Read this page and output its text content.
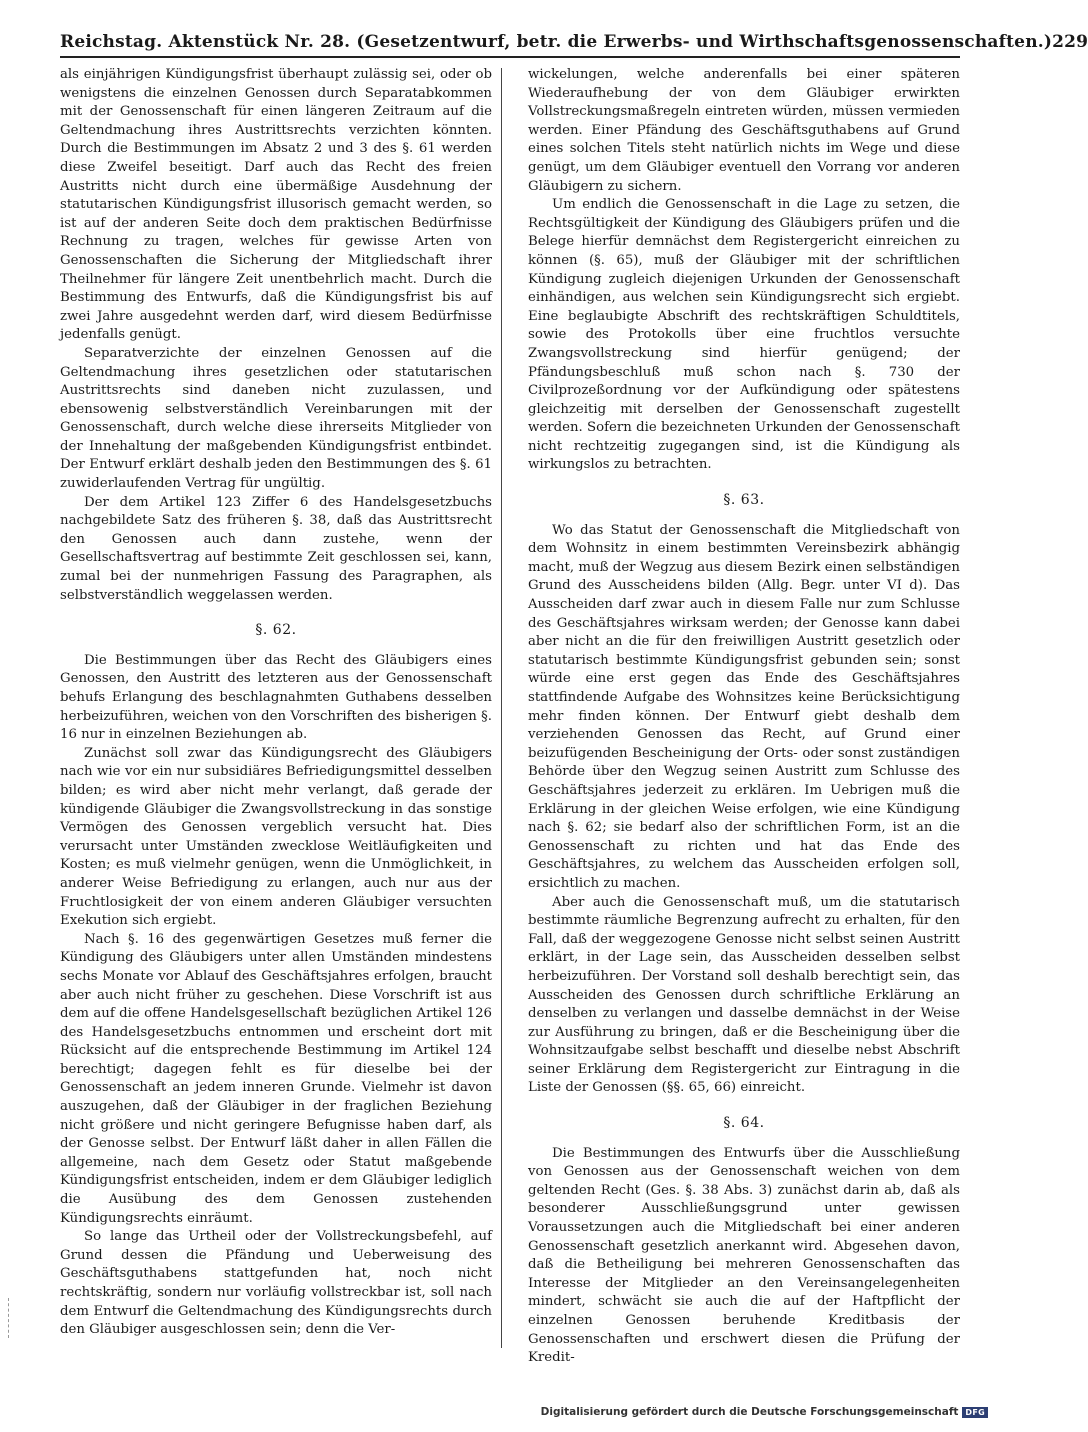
Reichstag. Aktenstück Nr. 28. (Gesetzentwurf, betr. die Erwerbs- und Wirthschaftsgenossenschaften.) 229

als einjährigen Kündigungsfrist überhaupt zulässig sei, oder ob wenigstens die einzelnen Genossen durch Separatabkommen mit der Genossenschaft für einen längeren Zeitraum auf die Geltendmachung ihres Austrittsrechts verzichten könnten. Durch die Bestimmungen im Absatz 2 und 3 des §. 61 werden diese Zweifel beseitigt. Darf auch das Recht des freien Austritts nicht durch eine übermäßige Ausdehnung der statutarischen Kündigungsfrist illusorisch gemacht werden, so ist auf der anderen Seite doch dem praktischen Bedürfnisse Rechnung zu tragen, welches für gewisse Arten von Genossenschaften die Sicherung der Mitgliedschaft ihrer Theilnehmer für längere Zeit unentbehrlich macht. Durch die Bestimmung des Entwurfs, daß die Kündigungsfrist bis auf zwei Jahre ausgedehnt werden darf, wird diesem Bedürfnisse jedenfalls genügt.

Separatverzichte der einzelnen Genossen auf die Geltendmachung ihres gesetzlichen oder statutarischen Austrittsrechts sind daneben nicht zuzulassen, und ebensowenig selbstverständlich Vereinbarungen mit der Genossenschaft, durch welche diese ihrerseits Mitglieder von der Innehaltung der maßgebenden Kündigungsfrist entbindet. Der Entwurf erklärt deshalb jeden den Bestimmungen des §. 61 zuwiderlaufenden Vertrag für ungültig.

Der dem Artikel 123 Ziffer 6 des Handelsgesetzbuchs nachgebildete Satz des früheren §. 38, daß das Austrittsrecht den Genossen auch dann zustehe, wenn der Gesellschaftsvertrag auf bestimmte Zeit geschlossen sei, kann, zumal bei der nunmehrigen Fassung des Paragraphen, als selbstverständlich weggelassen werden.

§. 62.

Die Bestimmungen über das Recht des Gläubigers eines Genossen, den Austritt des letzteren aus der Genossenschaft behufs Erlangung des beschlagnahmten Guthabens desselben herbeizuführen, weichen von den Vorschriften des bisherigen §. 16 nur in einzelnen Beziehungen ab.

Zunächst soll zwar das Kündigungsrecht des Gläubigers nach wie vor ein nur subsidiäres Befriedigungsmittel desselben bilden; es wird aber nicht mehr verlangt, daß gerade der kündigende Gläubiger die Zwangsvollstreckung in das sonstige Vermögen des Genossen vergeblich versucht hat. Dies verursacht unter Umständen zwecklose Weitläufigkeiten und Kosten; es muß vielmehr genügen, wenn die Unmöglichkeit, in anderer Weise Befriedigung zu erlangen, auch nur aus der Fruchtlosigkeit der von einem anderen Gläubiger versuchten Exekution sich ergiebt.

Nach §. 16 des gegenwärtigen Gesetzes muß ferner die Kündigung des Gläubigers unter allen Umständen mindestens sechs Monate vor Ablauf des Geschäftsjahres erfolgen, braucht aber auch nicht früher zu geschehen. Diese Vorschrift ist aus dem auf die offene Handelsgesellschaft bezüglichen Artikel 126 des Handelsgesetzbuchs entnommen und erscheint dort mit Rücksicht auf die entsprechende Bestimmung im Artikel 124 berechtigt; dagegen fehlt es für dieselbe bei der Genossenschaft an jedem inneren Grunde. Vielmehr ist davon auszugehen, daß der Gläubiger in der fraglichen Beziehung nicht größere und nicht geringere Befugnisse haben darf, als der Genosse selbst. Der Entwurf läßt daher in allen Fällen die allgemeine, nach dem Gesetz oder Statut maßgebende Kündigungsfrist entscheiden, indem er dem Gläubiger lediglich die Ausübung des dem Genossen zustehenden Kündigungsrechts einräumt.

So lange das Urtheil oder der Vollstreckungsbefehl, auf Grund dessen die Pfändung und Ueberweisung des Geschäftsguthabens stattgefunden hat, noch nicht rechtskräftig, sondern nur vorläufig vollstreckbar ist, soll nach dem Entwurf die Geltendmachung des Kündigungsrechts durch den Gläubiger ausgeschlossen sein; denn die Ver-

wickelungen, welche anderenfalls bei einer späteren Wiederaufhebung der von dem Gläubiger erwirkten Vollstreckungsmaßregeln eintreten würden, müssen vermieden werden. Einer Pfändung des Geschäftsguthabens auf Grund eines solchen Titels steht natürlich nichts im Wege und diese genügt, um dem Gläubiger eventuell den Vorrang vor anderen Gläubigern zu sichern.

Um endlich die Genossenschaft in die Lage zu setzen, die Rechtsgültigkeit der Kündigung des Gläubigers prüfen und die Belege hierfür demnächst dem Registergericht einreichen zu können (§. 65), muß der Gläubiger mit der schriftlichen Kündigung zugleich diejenigen Urkunden der Genossenschaft einhändigen, aus welchen sein Kündigungsrecht sich ergiebt. Eine beglaubigte Abschrift des rechtskräftigen Schuldtitels, sowie des Protokolls über eine fruchtlos versuchte Zwangsvollstreckung sind hierfür genügend; der Pfändungsbeschluß muß schon nach §. 730 der Civilprozeßordnung vor der Aufkündigung oder spätestens gleichzeitig mit derselben der Genossenschaft zugestellt werden. Sofern die bezeichneten Urkunden der Genossenschaft nicht rechtzeitig zugegangen sind, ist die Kündigung als wirkungslos zu betrachten.

§. 63.

Wo das Statut der Genossenschaft die Mitgliedschaft von dem Wohnsitz in einem bestimmten Vereinsbezirk abhängig macht, muß der Wegzug aus diesem Bezirk einen selbständigen Grund des Ausscheidens bilden (Allg. Begr. unter VI d). Das Ausscheiden darf zwar auch in diesem Falle nur zum Schlusse des Geschäftsjahres wirksam werden; der Genosse kann dabei aber nicht an die für den freiwilligen Austritt gesetzlich oder statutarisch bestimmte Kündigungsfrist gebunden sein; sonst würde eine erst gegen das Ende des Geschäftsjahres stattfindende Aufgabe des Wohnsitzes keine Berücksichtigung mehr finden können. Der Entwurf giebt deshalb dem verziehenden Genossen das Recht, auf Grund einer beizufügenden Bescheinigung der Orts- oder sonst zuständigen Behörde über den Wegzug seinen Austritt zum Schlusse des Geschäftsjahres jederzeit zu erklären. Im Uebrigen muß die Erklärung in der gleichen Weise erfolgen, wie eine Kündigung nach §. 62; sie bedarf also der schriftlichen Form, ist an die Genossenschaft zu richten und hat das Ende des Geschäftsjahres, zu welchem das Ausscheiden erfolgen soll, ersichtlich zu machen.

Aber auch die Genossenschaft muß, um die statutarisch bestimmte räumliche Begrenzung aufrecht zu erhalten, für den Fall, daß der weggezogene Genosse nicht selbst seinen Austritt erklärt, in der Lage sein, das Ausscheiden desselben selbst herbeizuführen. Der Vorstand soll deshalb berechtigt sein, das Ausscheiden des Genossen durch schriftliche Erklärung an denselben zu verlangen und dasselbe demnächst in der Weise zur Ausführung zu bringen, daß er die Bescheinigung über die Wohnsitzaufgabe selbst beschafft und dieselbe nebst Abschrift seiner Erklärung dem Registergericht zur Eintragung in die Liste der Genossen (§§. 65, 66) einreicht.

§. 64.

Die Bestimmungen des Entwurfs über die Ausschließung von Genossen aus der Genossenschaft weichen von dem geltenden Recht (Ges. §. 38 Abs. 3) zunächst darin ab, daß als besonderer Ausschließungsgrund unter gewissen Voraussetzungen auch die Mitgliedschaft bei einer anderen Genossenschaft gesetzlich anerkannt wird. Abgesehen davon, daß die Betheiligung bei mehreren Genossenschaften das Interesse der Mitglieder an den Vereinsangelegenheiten mindert, schwächt sie auch die auf der Haftpflicht der einzelnen Genossen beruhende Kreditbasis der Genossenschaften und erschwert diesen die Prüfung der Kredit-

Digitalisierung gefördert durch die Deutsche Forschungsgemeinschaft DFG
